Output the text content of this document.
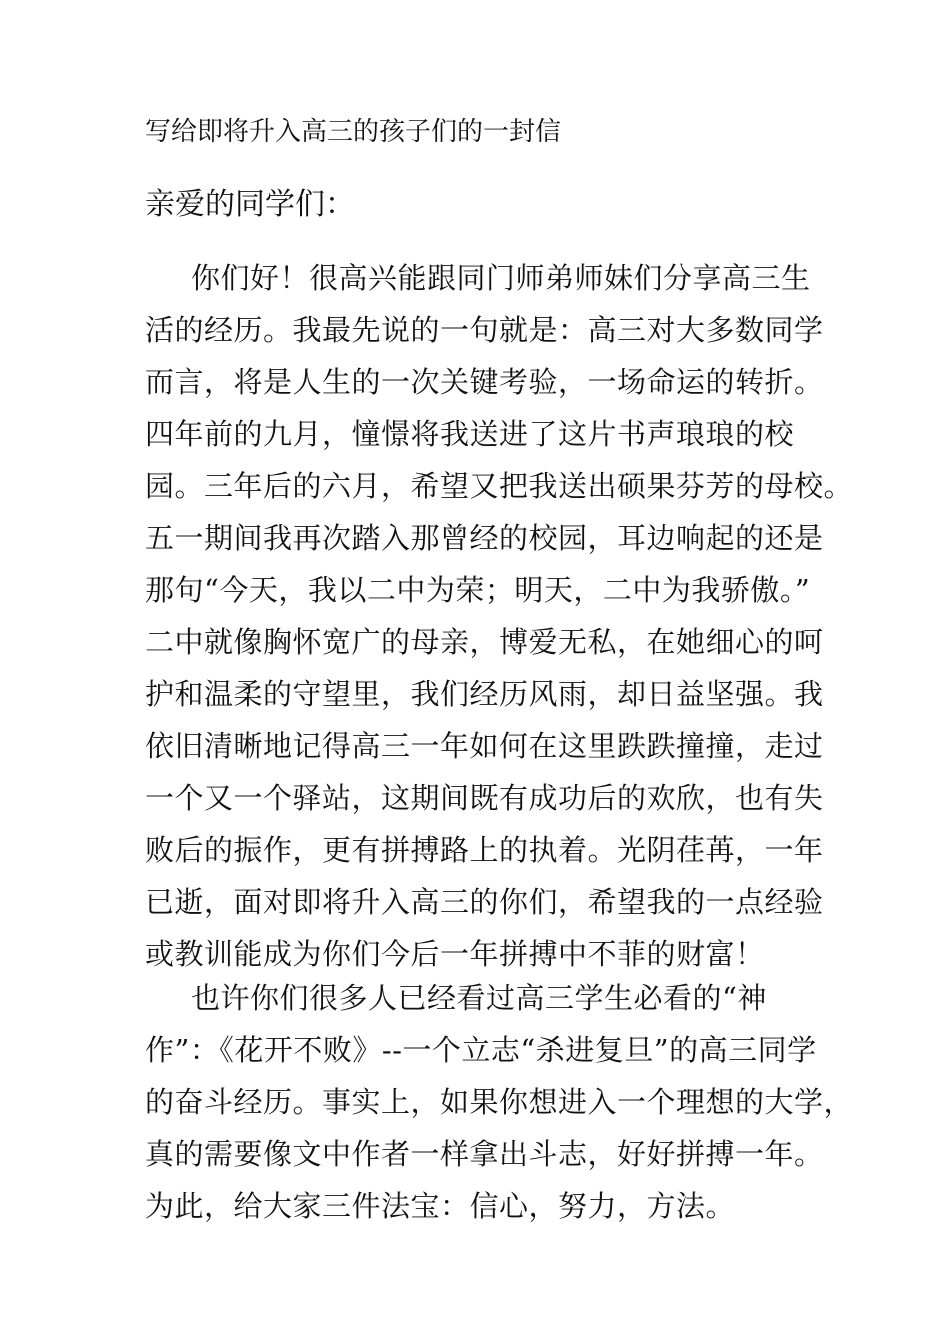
写给即将升入高三的孩子们的一封信
亲爱的同学们：
你们好！很高兴能跟同门师弟师妹们分享高三生
活的经历。我最先说的一句就是：高三对大多数同学
而言，将是人生的一次关键考验，一场命运的转折。
四年前的九月，憧憬将我送进了这片书声琅琅的校
园。三年后的六月，希望又把我送出硕果芬芳的母校。
五一期间我再次踏入那曾经的校园，耳边响起的还是
那句“今天，我以二中为荣；明天，二中为我骄傲。”
二中就像胸怀宽广的母亲，博爱无私，在她细心的呵
护和温柔的守望里，我们经历风雨，却日益坚强。我
依旧清晰地记得高三一年如何在这里跌跌撞撞，走过
一个又一个驿站，这期间既有成功后的欢欣，也有失
败后的振作，更有拼搏路上的执着。光阴荏苒，一年
已逝，面对即将升入高三的你们，希望我的一点经验
或教训能成为你们今后一年拼搏中不菲的财富！
也许你们很多人已经看过高三学生必看的“神
作”：《花开不败》--一个立志“杀进复旦”的高三同学
的奋斗经历。事实上，如果你想进入一个理想的大学，
真的需要像文中作者一样拿出斗志，好好拼搏一年。
为此，给大家三件法宝：信心，努力，方法。
